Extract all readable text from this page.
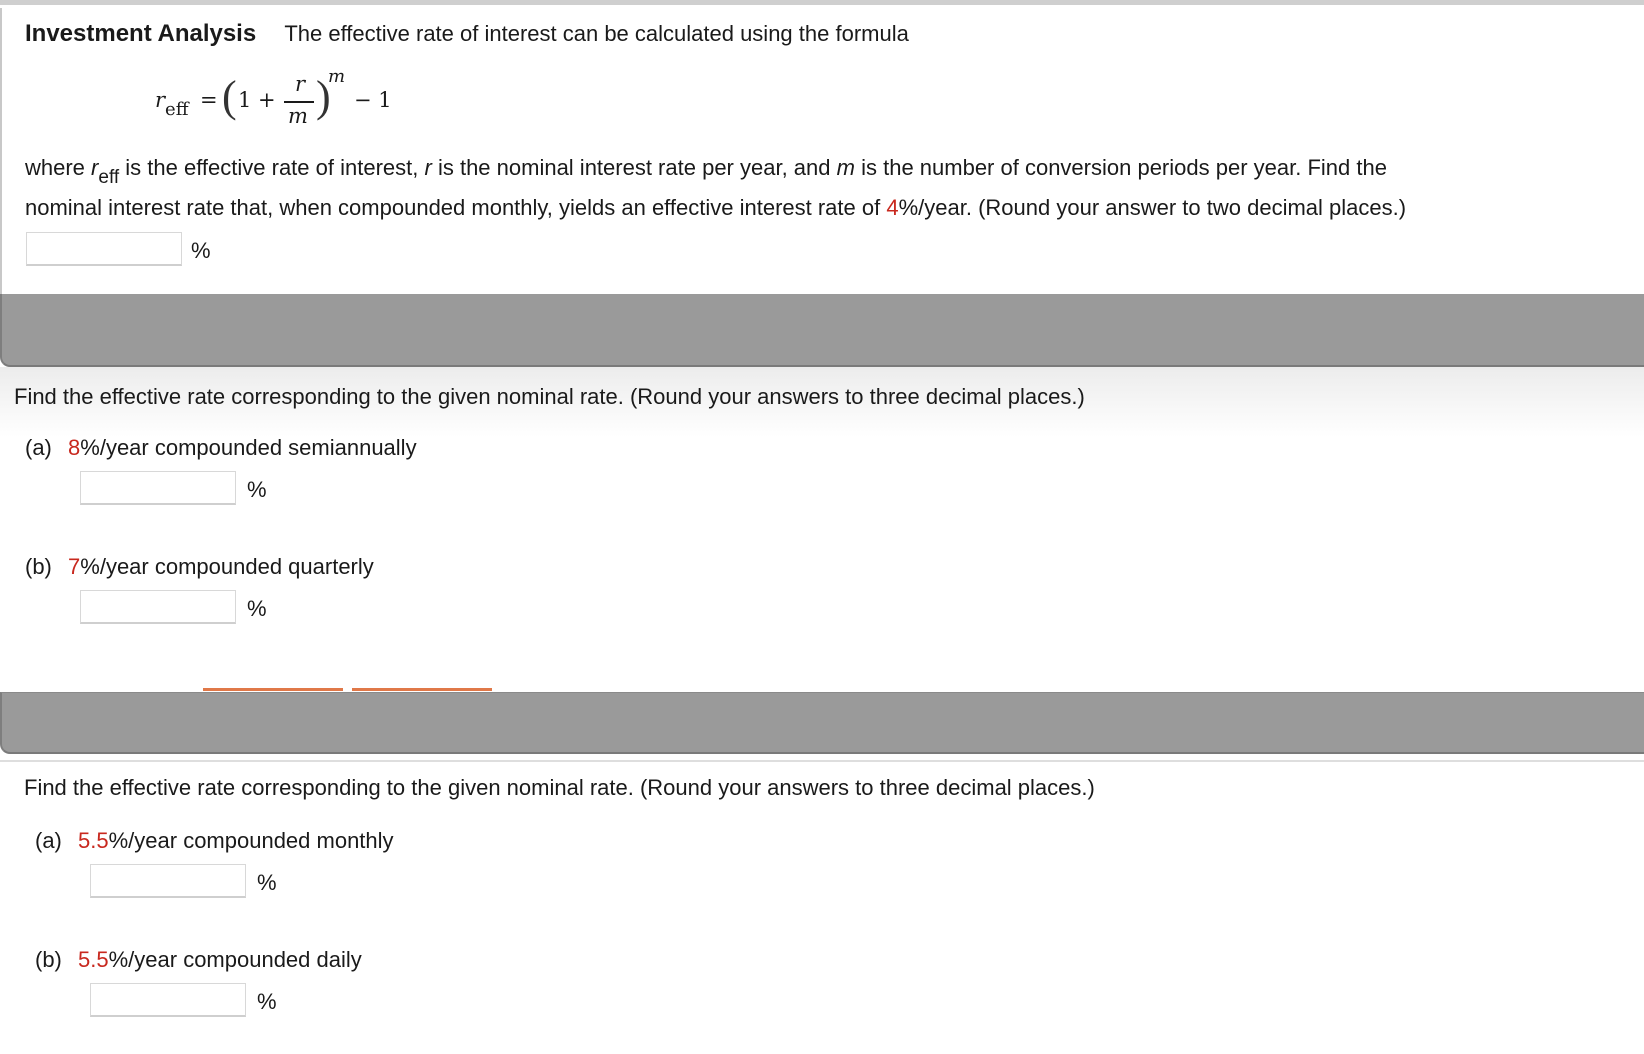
Investment Analysis The effective rate of interest can be calculated using the formula
reff = ( 1 +
r
m )
m
− 1
where reff is the effective rate of interest, r is the nominal interest rate per year, and m is the number of conversion periods per year. Find the
nominal interest rate that, when compounded monthly, yields an effective interest rate of 4%/year. (Round your answer to two decimal places.)
%
Find the effective rate corresponding to the given nominal rate. (Round your answers to three decimal places.)
(a) 8%/year compounded semiannually
%
(b) 7%/year compounded quarterly
%
Find the effective rate corresponding to the given nominal rate. (Round your answers to three decimal places.)
(a) 5.5%/year compounded monthly
%
(b) 5.5%/year compounded daily
%
